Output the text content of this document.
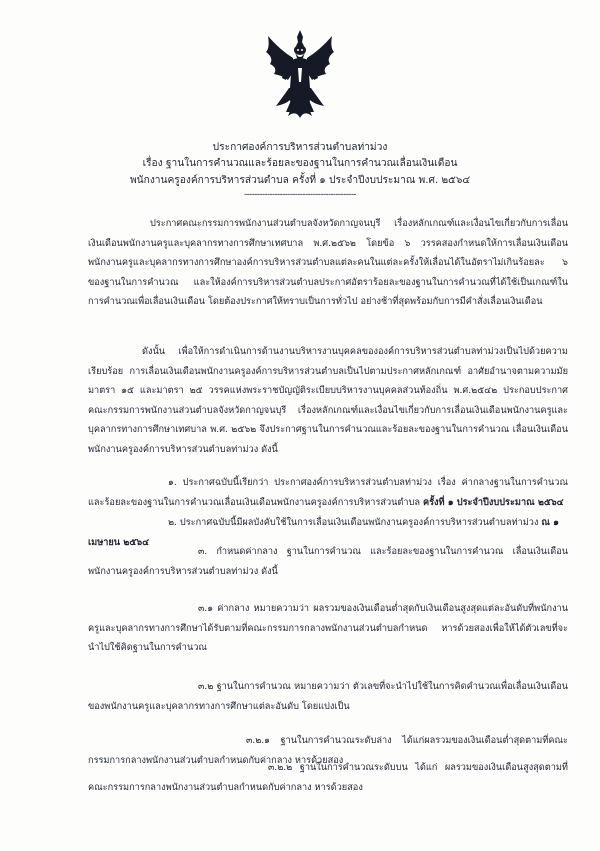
ประกาศองค์การบริหารส่วนตำบลท่าม่วง
เรื่อง ฐานในการคำนวณและร้อยละของฐานในการคำนวณเลื่อนเงินเดือน
พนักงานครูองค์การบริหารส่วนตำบล ครั้งที่ ๑ ประจำปีงบประมาณ พ.ศ. ๒๕๖๔
--------------------------------------------

ประกาศคณะกรรมการพนักงานส่วนตำบลจังหวัดกาญจนบุรี เรื่องหลักเกณฑ์และเงื่อนไขเกี่ยวกับการเลื่อนเงินเดือนพนักงานครูและบุคลากรทางการศึกษาเทศบาล พ.ศ.๒๕๖๒ โดยข้อ ๖ วรรคสองกำหนดให้การเลื่อนเงินเดือนพนักงานครูและบุคลากรทางการศึกษาองค์การบริหารส่วนตำบลแต่ละคนในแต่ละครั้งให้เลื่อนได้ในอัตราไม่เกินร้อยละ ๖ ของฐานในการคำนวณ และให้องค์การบริหารส่วนตำบลประกาศอัตราร้อยละของฐานในการคำนวณที่ได้ใช้เป็นเกณฑ์ในการคำนวณเพื่อเลื่อนเงินเดือน โดยต้องประกาศให้ทราบเป็นการทั่วไป อย่างช้าที่สุดพร้อมกับการมีคำสั่งเลื่อนเงินเดือน

ดังนั้น เพื่อให้การดำเนินการด้านงานบริหารงานบุคคลขององค์การบริหารส่วนตำบลท่าม่วงเป็นไปด้วยความเรียบร้อย การเลื่อนเงินเดือนพนักงานครูองค์การบริหารส่วนตำบลเป็นไปตามประกาศหลักเกณฑ์ อาศัยอำนาจตามความมัยมาตรา ๑๕ และมาตรา ๒๕ วรรคแห่งพระราชบัญญัติระเบียบบริหารงานบุคคลส่วนท้องถิ่น พ.ศ.๒๕๔๒ ประกอบประกาศคณะกรรมการพนักงานส่วนตำบลจังหวัดกาญจนบุรี เรื่องหลักเกณฑ์และเงื่อนไขเกี่ยวกับการเลื่อนเงินเดือนพนักงานครูและบุคลากรทางการศึกษาเทศบาล พ.ศ. ๒๕๖๒ จึงประกาศฐานในการคำนวณและร้อยละของฐานในการคำนวณ เลื่อนเงินเดือนพนักงานครูองค์การบริหารส่วนตำบลท่าม่วง ดังนี้

๑. ประกาศฉบับนี้เรียกว่า ประกาศองค์การบริหารส่วนตำบลท่าม่วง เรื่อง ค่ากลางฐานในการคำนวณและร้อยละของฐานในการคำนวณเลื่อนเงินเดือนพนักงานครูองค์การบริหารส่วนตำบล ครั้งที่ ๑ ประจำปีงบประมาณ ๒๕๖๔

๒. ประกาศฉบับนี้มีผลบังคับใช้ในการเลื่อนเงินเดือนพนักงานครูองค์การบริหารส่วนตำบลท่าม่วง ณ ๑ เมษายน ๒๕๖๔

๓. กำหนดค่ากลาง ฐานในการคำนวณ และร้อยละของฐานในการคำนวณ เลื่อนเงินเดือนพนักงานครูองค์การบริหารส่วนตำบลท่าม่วง ดังนี้

๓.๑ ค่ากลาง หมายความว่า ผลรวมของเงินเดือนต่ำสุดกับเงินเดือนสูงสุดแต่ละอันดับที่พนักงานครูและบุคลากรทางการศึกษาได้รับตามที่คณะกรรมการกลางพนักงานส่วนตำบลกำหนด หารด้วยสองเพื่อให้ได้ตัวเลขที่จะนำไปใช้คิดฐานในการคำนวณ

๓.๒ ฐานในการคำนวณ หมายความว่า ตัวเลขที่จะนำไปใช้ในการคิดคำนวณเพื่อเลื่อนเงินเดือนของพนักงานครูและบุคลากรทางการศึกษาแต่ละอันดับ โดยแบ่งเป็น

๓.๒.๑ ฐานในการคำนวณระดับล่าง ได้แก่ผลรวมของเงินเดือนต่ำสุดตามที่คณะกรรมการกลางพนักงานส่วนตำบลกำหนดกับค่ากลาง หารด้วยสอง

๓.๒.๒ ฐานในการคำนวณระดับบน ได้แก่ ผลรวมของเงินเดือนสูงสุดตามที่คณะกรรมการกลางพนักงานส่วนตำบลกำหนดกับค่ากลาง หารด้วยสอง
